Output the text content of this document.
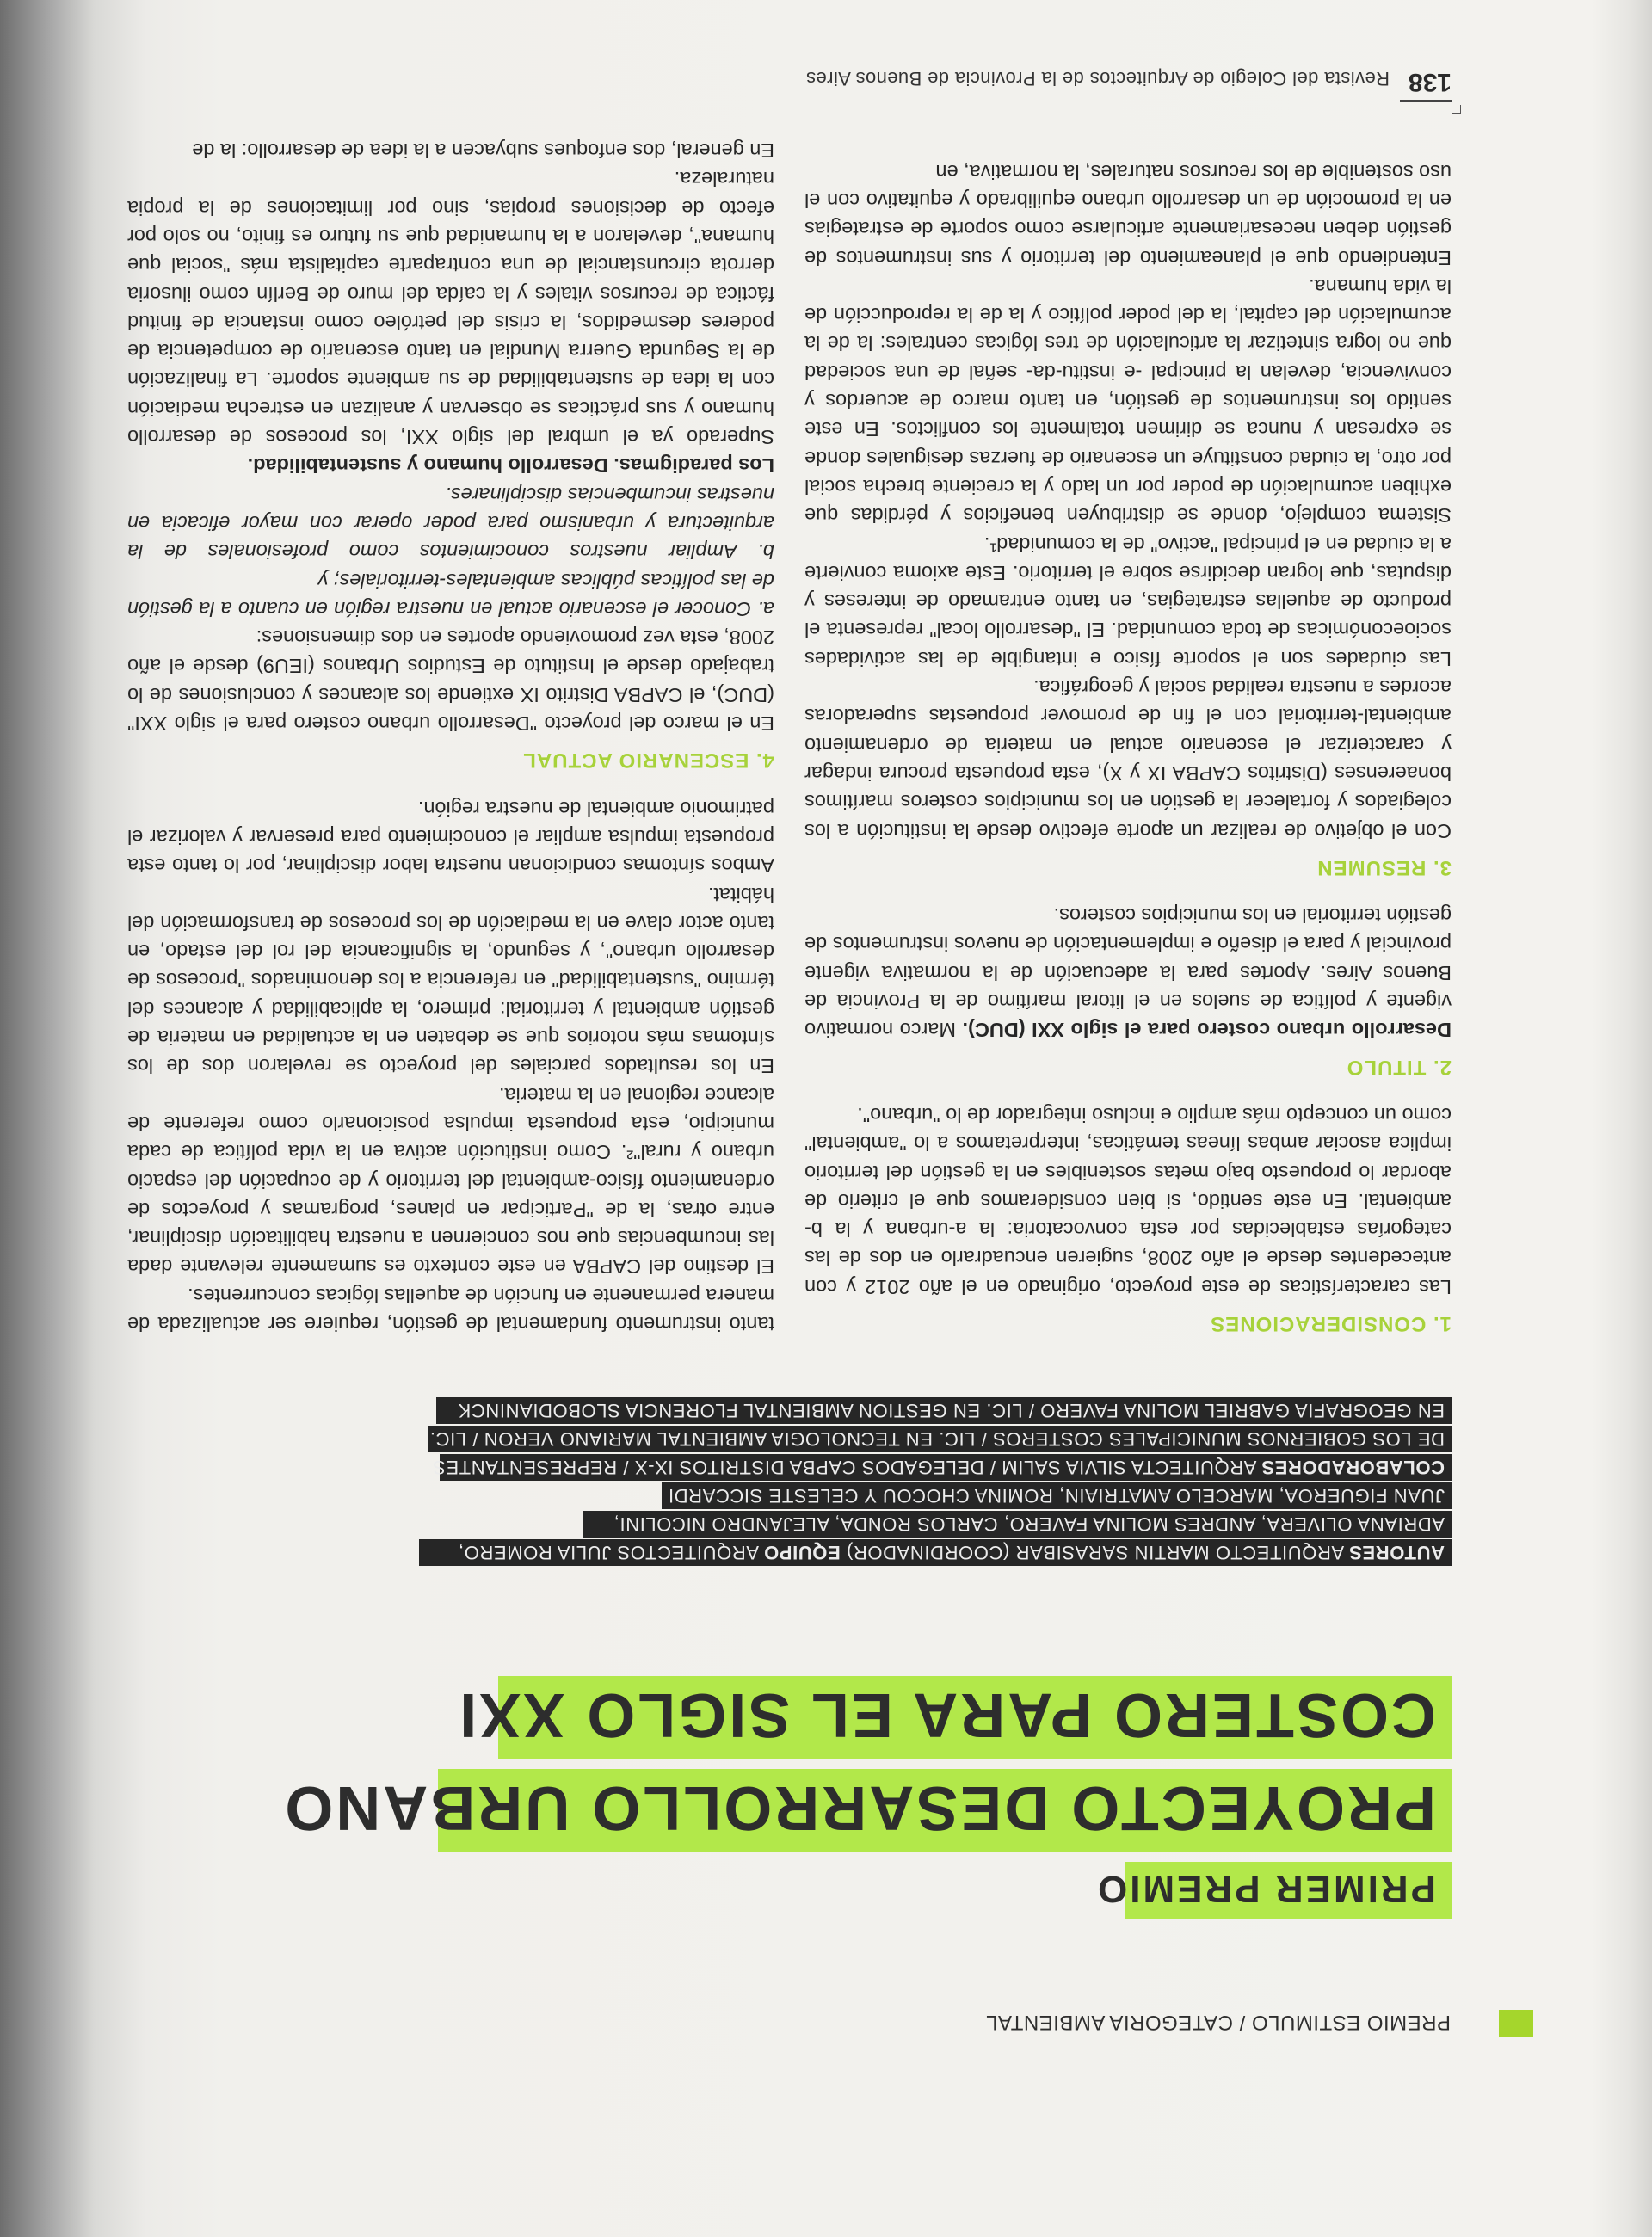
PREMIO ESTIMULO / CATEGORIA AMBIENTAL
PRIMER PREMIO
PROYECTO DESARROLLO URBANO
COSTERO PARA EL SIGLO XXI
AUTORES ARQUITECTO MARTIN SARASIBAR (COORDINADOR) EQUIPO ARQUITECTOS JULIA ROMERO,
ADRIANA OLIVERA, ANDRES MOLINA FAVERO, CARLOS RONDA, ALEJANDRO NICOLINI,
JUAN FIGUEROA, MARCELO AMATRIAIN, ROMINA CHOCOU Y CELESTE SICCARDI
COLABORADORES ARQUITECTA SILVIA SALIM / DELEGADOS CAPBA DISTRITOS IX-X / REPRESENTANTES
DE LOS GOBIERNOS MUNICIPALES COSTEROS / LIC. EN TECNOLOGIA AMBIENTAL MARIANO VERON / LIC.
EN GEOGRAFIA GABRIEL MOLINA FAVERO / LIC. EN GESTION AMBIENTAL FLORENCIA SLOBODIANINCK
1. CONSIDERACIONES

Las características de este proyecto, originado en el año 2012 y con antecedentes desde el año 2008, sugieren encuadrarlo en dos de las categorías establecidas por esta convocatoria: la a-urbana y la b-ambiental. En este sentido, si bien consideramos que el criterio de abordar lo propuesto bajo metas sostenibles en la gestión del territorio implica asociar ambas líneas temáticas, interpretamos a lo "ambiental" como un concepto más amplio e incluso integrador de lo "urbano".

2. TITULO

Desarrollo urbano costero para el siglo XXI (DUC). Marco normativo vigente y política de suelos en el litoral marítimo de la Provincia de Buenos Aires. Aportes para la adecuación de la normativa vigente provincial y para el diseño e implementación de nuevos instrumentos de gestión territorial en los municipios costeros.

3. RESUMEN

Con el objetivo de realizar un aporte efectivo desde la institución a los colegiados y fortalecer la gestión en los municipios costeros marítimos bonaerenses (Distritos CAPBA IX y X), esta propuesta procura indagar y caracterizar el escenario actual en materia de ordenamiento ambiental-territorial con el fin de promover propuestas superadoras acordes a nuestra realidad social y geográfica.

Las ciudades son el soporte físico e intangible de las actividades socioeconómicas de toda comunidad. El "desarrollo local" representa el producto de aquellas estrategias, en tanto entramado de intereses y disputas, que logran decidirse sobre el territorio. Este axioma convierte a la ciudad en el principal "activo" de la comunidad¹.

Sistema complejo, donde se distribuyen beneficios y pérdidas que exhiben acumulación de poder por un lado y la creciente brecha social por otro, la ciudad constituye un escenario de fuerzas desiguales donde se expresan y nunca se dirimen totalmente los conflictos. En este sentido los instrumentos de gestión, en tanto marco de acuerdos y convivencia, develan la principal -e institu-da- señal de una sociedad que no logra sintetizar la articulación de tres lógicas centrales: la de la acumulación del capital, la del poder político y la de la reproducción de la vida humana.

Entendiendo que el planeamiento del territorio y sus instrumentos de gestión deben necesariamente articularse como soporte de estrategias en la promoción de un desarrollo urbano equilibrado y equitativo con el uso sostenible de los recursos naturales, la normativa, en

tanto instrumento fundamental de gestión, requiere ser actualizada de manera permanente en función de aquellas lógicas concurrentes.

El destino del CAPBA en este contexto es sumamente relevante dada las incumbencias que nos conciernen a nuestra habilitación disciplinar, entre otras, la de "Participar en planes, programas y proyectos de ordenamiento físico-ambiental del territorio y de ocupación del espacio urbano y rural"². Como institución activa en la vida política de cada municipio, esta propuesta impulsa posicionarlo como referente de alcance regional en la materia.

En los resultados parciales del proyecto se revelaron dos de los síntomas más notorios que se debaten en la actualidad en materia de gestión ambiental y territorial: primero, la aplicabilidad y alcances del término "sustentabilidad" en referencia a los denominados "procesos de desarrollo urbano", y segundo, la significancia del rol del estado, en tanto actor clave en la mediación de los procesos de transformación del hábitat.

Ambos síntomas condicionan nuestra labor disciplinar, por lo tanto esta propuesta impulsa ampliar el conocimiento para preservar y valorizar el patrimonio ambiental de nuestra región.

4. ESCENARIO ACTUAL

En el marco del proyecto "Desarrollo urbano costero para el siglo XXI" (DUC), el CAPBA Distrito IX extiende los alcances y conclusiones de lo trabajado desde el Instituto de Estudios Urbanos (IEU9) desde el año 2008, esta vez promoviendo aportes en dos dimensiones:

a. Conocer el escenario actual en nuestra región en cuanto a la gestión de las políticas públicas ambientales-territoriales; y

b. Ampliar nuestros conocimientos como profesionales de la arquitectura y urbanismo para poder operar con mayor eficacia en nuestras incumbencias disciplinares.

Los paradigmas. Desarrollo humano y sustentabilidad.

Superado ya el umbral del siglo XXI, los procesos de desarrollo humano y sus prácticas se observan y analizan en estrecha mediación con la idea de sustentabilidad de su ambiente soporte. La finalización de la Segunda Guerra Mundial en tanto escenario de competencia de poderes desmedidos, la crisis del petróleo como instancia de finitud fáctica de recursos vitales y la caída del muro de Berlín como ilusoria derrota circunstancial de una contraparte capitalista más "social que humana", develaron a la humanidad que su futuro es finito, no solo por efecto de decisiones propias, sino por limitaciones de la propia naturaleza.

En general, dos enfoques subyacen a la idea de desarrollo: la de

138
Revista del Colegio de Arquitectos de la Provincia de Buenos Aires
